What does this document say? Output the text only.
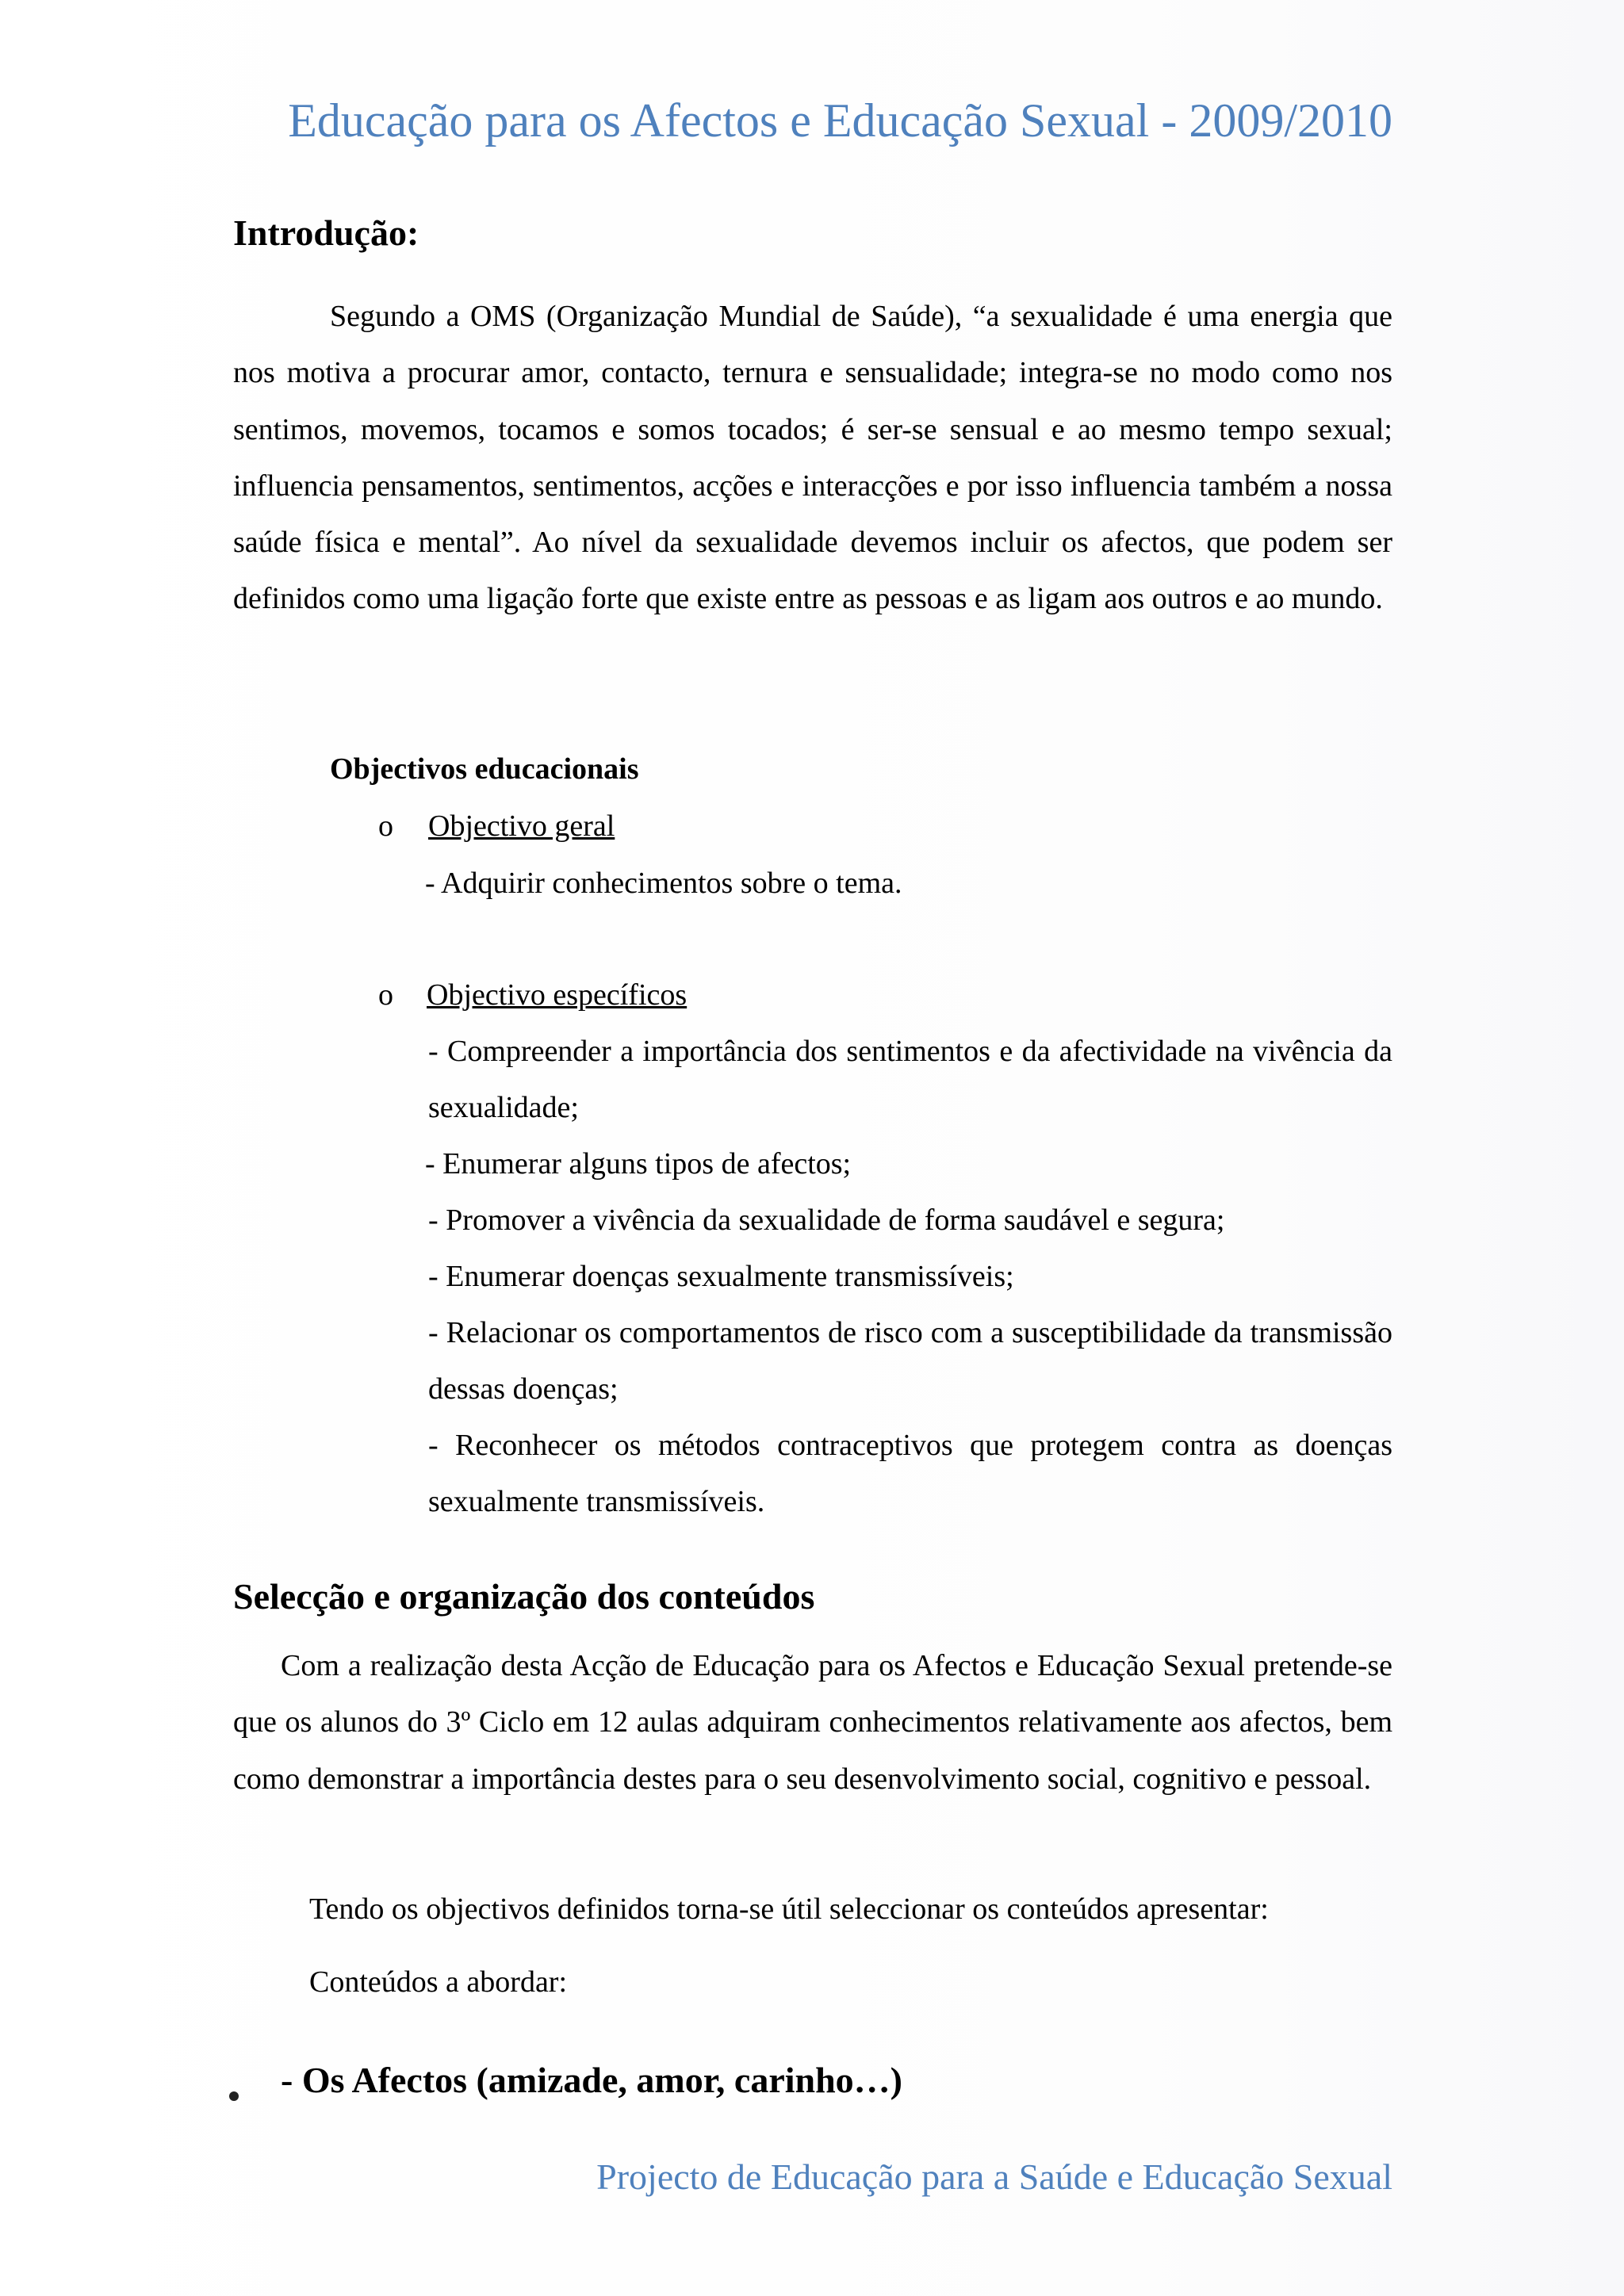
Educação para os Afectos e Educação Sexual - 2009/2010
Introdução:
Segundo a OMS (Organização Mundial de Saúde), “a sexualidade é uma energia que nos motiva a procurar amor, contacto, ternura e sensualidade; integra-se no modo como nos sentimos, movemos, tocamos e somos tocados; é ser-se sensual e ao mesmo tempo sexual; influencia pensamentos, sentimentos, acções e interacções e por isso influencia também a nossa saúde física e mental”. Ao nível da sexualidade devemos incluir os afectos, que podem ser definidos como uma ligação forte que existe entre as pessoas e as ligam aos outros e ao mundo.
Objectivos educacionais
o Objectivo geral
- Adquirir conhecimentos sobre o tema.
o Objectivo específicos
- Compreender a importância dos sentimentos e da afectividade na vivência da sexualidade;
- Enumerar alguns tipos de afectos;
- Promover a vivência da sexualidade de forma saudável e segura;
- Enumerar doenças sexualmente transmissíveis;
- Relacionar os comportamentos de risco com a susceptibilidade da transmissão dessas doenças;
- Reconhecer os métodos contraceptivos que protegem contra as doenças sexualmente transmissíveis.
Selecção e organização dos conteúdos
Com a realização desta Acção de Educação para os Afectos e Educação Sexual pretende-se que os alunos do 3º Ciclo em 12 aulas adquiram conhecimentos relativamente aos afectos, bem como demonstrar a importância destes para o seu desenvolvimento social, cognitivo e pessoal.
Tendo os objectivos definidos torna-se útil seleccionar os conteúdos apresentar:
Conteúdos a abordar:
- Os Afectos (amizade, amor, carinho…)
Projecto de Educação para a Saúde e Educação Sexual
